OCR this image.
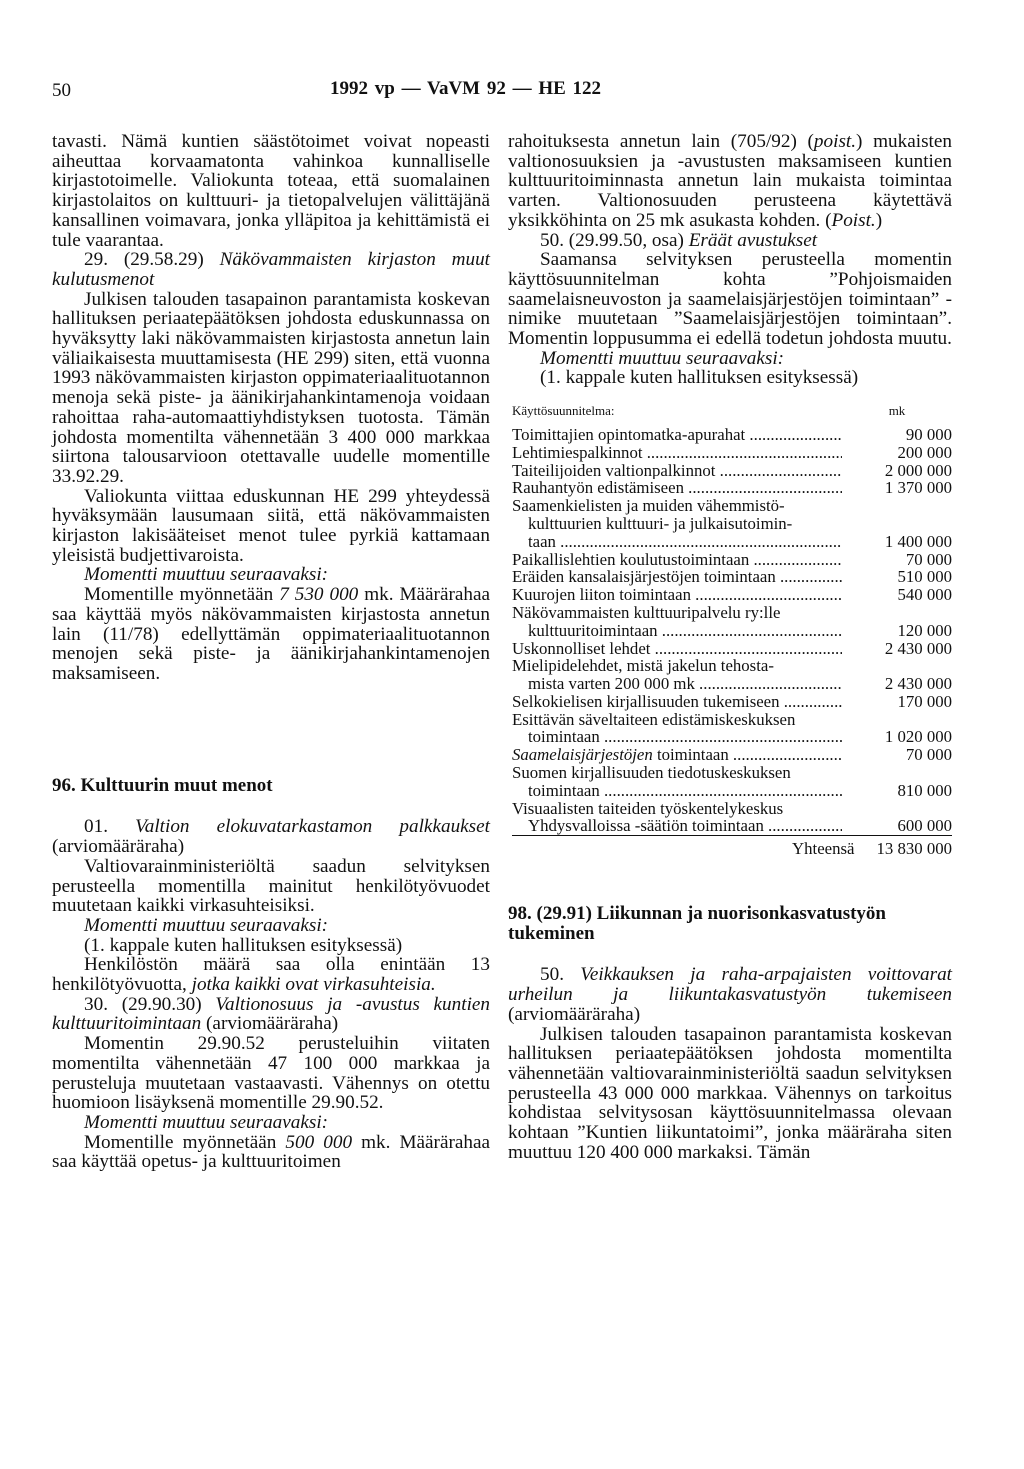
50	1992 vp — VaVM 92 — HE 122

tavasti. Nämä kuntien säästötoimet voivat nopeasti aiheuttaa korvaamatonta vahinkoa kunnalliselle kirjastotoimelle. Valiokunta toteaa, että suomalainen kirjastolaitos on kulttuuri- ja tietopalvelujen välittäjänä kansallinen voimavara, jonka ylläpitoa ja kehittämistä ei tule vaarantaa.

29. (29.58.29) Näkövammaisten kirjaston muut kulutusmenot

Julkisen talouden tasapainon parantamista koskevan hallituksen periaatepäätöksen johdosta eduskunnassa on hyväksytty laki näkövammaisten kirjastosta annetun lain väliaikaisesta muuttamisesta (HE 299) siten, että vuonna 1993 näkövammaisten kirjaston oppimateriaalituotannon menoja sekä piste- ja äänikirjahankintamenoja voidaan rahoittaa raha-automaattiyhdistyksen tuotosta. Tämän johdosta momentilta vähennetään 3 400 000 markkaa siirtona talousarvioon otettavalle uudelle momentille 33.92.29.

Valiokunta viittaa eduskunnan HE 299 yhteydessä hyväksymään lausumaan siitä, että näkövammaisten kirjaston lakisääteiset menot tulee pyrkiä kattamaan yleisistä budjettivaroista.

Momentti muuttuu seuraavaksi:

Momentille myönnetään 7 530 000 mk. Määrärahaa saa käyttää myös näkövammaisten kirjastosta annetun lain (11/78) edellyttämän oppimateriaalituotannon menojen sekä piste- ja äänikirjahankintamenojen maksamiseen.

96. Kulttuurin muut menot

01. Valtion elokuvatarkastamon palkkaukset (arviomääräraha)

Valtiovarainministeriöltä saadun selvityksen perusteella momentilla mainitut henkilötyövuodet muutetaan kaikki virkasuhteisiksi.

Momentti muuttuu seuraavaksi:

(1. kappale kuten hallituksen esityksessä)

Henkilöstön määrä saa olla enintään 13 henkilötyövuotta, jotka kaikki ovat virkasuhteisia.

30. (29.90.30) Valtionosuus ja -avustus kuntien kulttuuritoimintaan (arviomääräraha)

Momentin 29.90.52 perusteluihin viitaten momentilta vähennetään 47 100 000 markkaa ja perusteluja muutetaan vastaavasti. Vähennys on otettu huomioon lisäyksenä momentille 29.90.52.

Momentti muuttuu seuraavaksi:

Momentille myönnetään 500 000 mk. Määrärahaa saa käyttää opetus- ja kulttuuritoimen

rahoituksesta annetun lain (705/92) (poist.) mukaisten valtionosuuksien ja -avustusten maksamiseen kuntien kulttuuritoiminnasta annetun lain mukaista toimintaa varten. Valtionosuuden perusteena käytettävä yksikköhinta on 25 mk asukasta kohden. (Poist.)

50. (29.99.50, osa) Eräät avustukset

Saamansa selvityksen perusteella momentin käyttösuunnitelman kohta ”Pohjoismaiden saamelaisneuvoston ja saamelaisjärjestöjen toimintaan” -nimike muutetaan ”Saamelaisjärjestöjen toimintaan”. Momentin loppusumma ei edellä todetun johdosta muutu.

Momentti muuttuu seuraavaksi:

(1. kappale kuten hallituksen esityksessä)

Käyttösuunnitelma:	mk
Toimittajien opintomatka-apurahat .....	90 000
Lehtimiespalkinnot .....	200 000
Taiteilijoiden valtionpalkinnot .....	2 000 000
Rauhantyön edistämiseen .....	1 370 000
Saamenkielisten ja muiden vähemmistö-
kulttuurien kulttuuri- ja julkaisutoimin-
taan .....	1 400 000
Paikallislehtien koulutustoimintaan .....	70 000
Eräiden kansalaisjärjestöjen toimintaan .....	510 000
Kuurojen liiton toimintaan .....	540 000
Näkövammaisten kulttuuripalvelu ry:lle
kulttuuritoimintaan .....	120 000
Uskonnolliset lehdet .....	2 430 000
Mielipidelehdet, mistä jakelun tehosta-
mista varten 200 000 mk .....	2 430 000
Selkokielisen kirjallisuuden tukemiseen .....	170 000
Esittävän säveltaiteen edistämiskeskuksen
toimintaan .....	1 020 000
Saamelaisjärjestöjen toimintaan .....	70 000
Suomen kirjallisuuden tiedotuskeskuksen
toimintaan .....	810 000
Visuaalisten taiteiden työskentelykeskus
Yhdysvalloissa -säätiön toimintaan .....	600 000
Yhteensä 13 830 000

98. (29.91) Liikunnan ja nuorisonkasvatustyön
tukeminen

50. Veikkauksen ja raha-arpajaisten voittovarat urheilun ja liikuntakasvatustyön tukemiseen (arviomääräraha)

Julkisen talouden tasapainon parantamista koskevan hallituksen periaatepäätöksen johdosta momentilta vähennetään valtiovarainministeriöltä saadun selvityksen perusteella 43 000 000 markkaa. Vähennys on tarkoitus kohdistaa selvitysosan käyttösuunnitelmassa olevaan kohtaan ”Kuntien liikuntatoimi”, jonka määräraha siten muuttuu 120 400 000 markaksi. Tämän
